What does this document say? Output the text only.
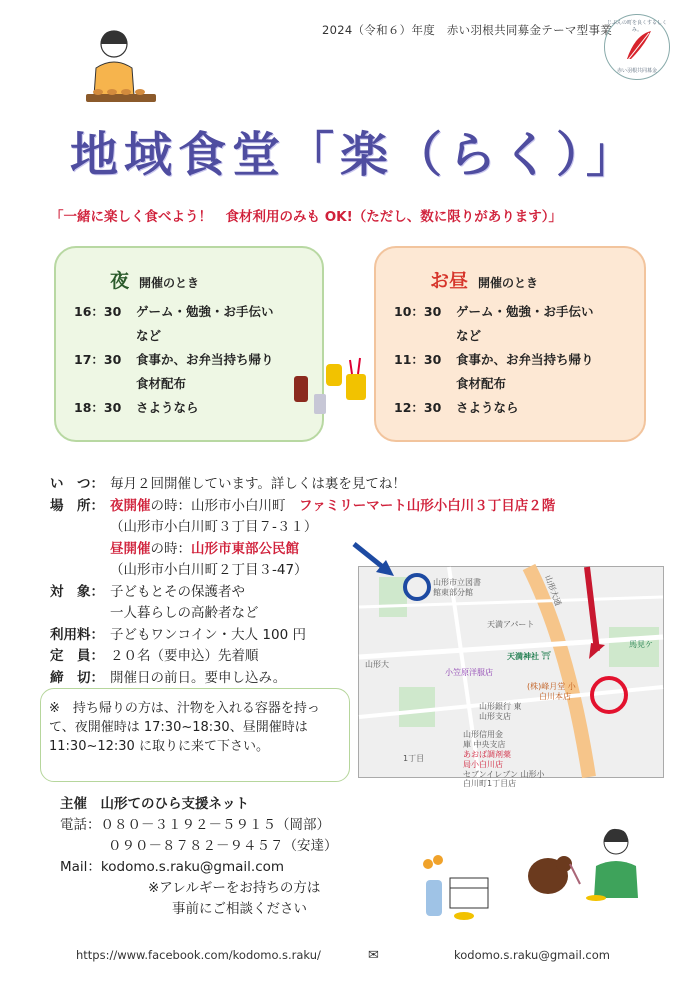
2024（令和６）年度　赤い羽根共同募金テーマ型事業
じぶんの町を良くするしくみ。
赤い羽根共同募金
地域食堂「楽（らく）」
「一緒に楽しく食べよう！　食材利用のみも OK!（ただし、数に限りがあります）」
夜開催のとき
16：30 ゲーム・勉強・お手伝い
など
17：30 食事か、お弁当持ち帰り
食材配布
18：30 さようなら
お昼 開催のとき
10：30 ゲーム・勉強・お手伝い
など
11：30 食事か、お弁当持ち帰り
食材配布
12：30 さようなら
い　つ： 毎月２回開催しています。詳しくは裏を見てね！
場　所： 夜開催の時：山形市小白川町　 ファミリーマート山形小白川３丁目店２階
（山形市小白川町３丁目７-３１）
昼開催の時：山形市東部公民館
（山形市小白川町２丁目３-47）
対　象： 子どもとその保護者や
一人暮らしの高齢者など
利用料： 子どもワンコイン・大人 100 円
定　員： ２０名（要申込）先着順
締　切： 開催日の前日。要申し込み。
※　 持ち帰りの方は、汁物を入れる容器を持って、夜開催時は 17:30~18:30、昼開催時は 11:30~12:30 に取りに来て下さい。
山形市立図書
館東部分館	山形大通
天満アパート
天満神社 ⛩
小笠原洋服店
山形大
山形銀行 東
山形支店
山形信用金
庫 中央支店
あおば調剤薬
局小白川店
セブンイレブン 山形小
白川町1丁目店
(株)峰月堂 小
白川本店
1丁目
馬見ケ
主催　山形てのひら支援ネット
電話：０８０－３１９２－５９１５（岡部）
０９０－８７８２－９４５７（安達）
Mail：kodomo.s.raku@gmail.com
※アレルギーをお持ちの方は
事前にご相談ください
https://www.facebook.com/kodomo.s.raku/	✉	kodomo.s.raku@gmail.com
